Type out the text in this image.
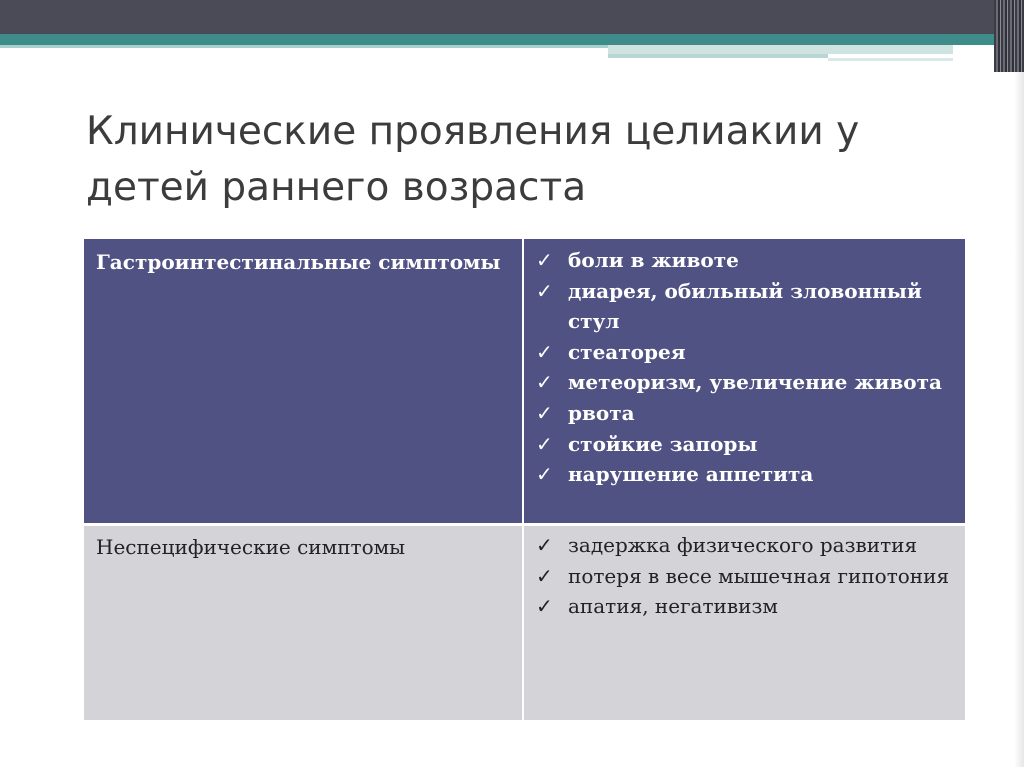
Клинические проявления целиакии у детей раннего возраста
Гастроинтестинальные симптомы ✓ боли в животе
✓ диарея, обильный зловонный стул
✓ стеаторея
✓ метеоризм, увеличение живота
✓ рвота
✓ стойкие запоры
✓ нарушение аппетита
Неспецифические симптомы	✓ задержка физического развития
✓ потеря в весе мышечная гипотония
✓ апатия, негативизм
